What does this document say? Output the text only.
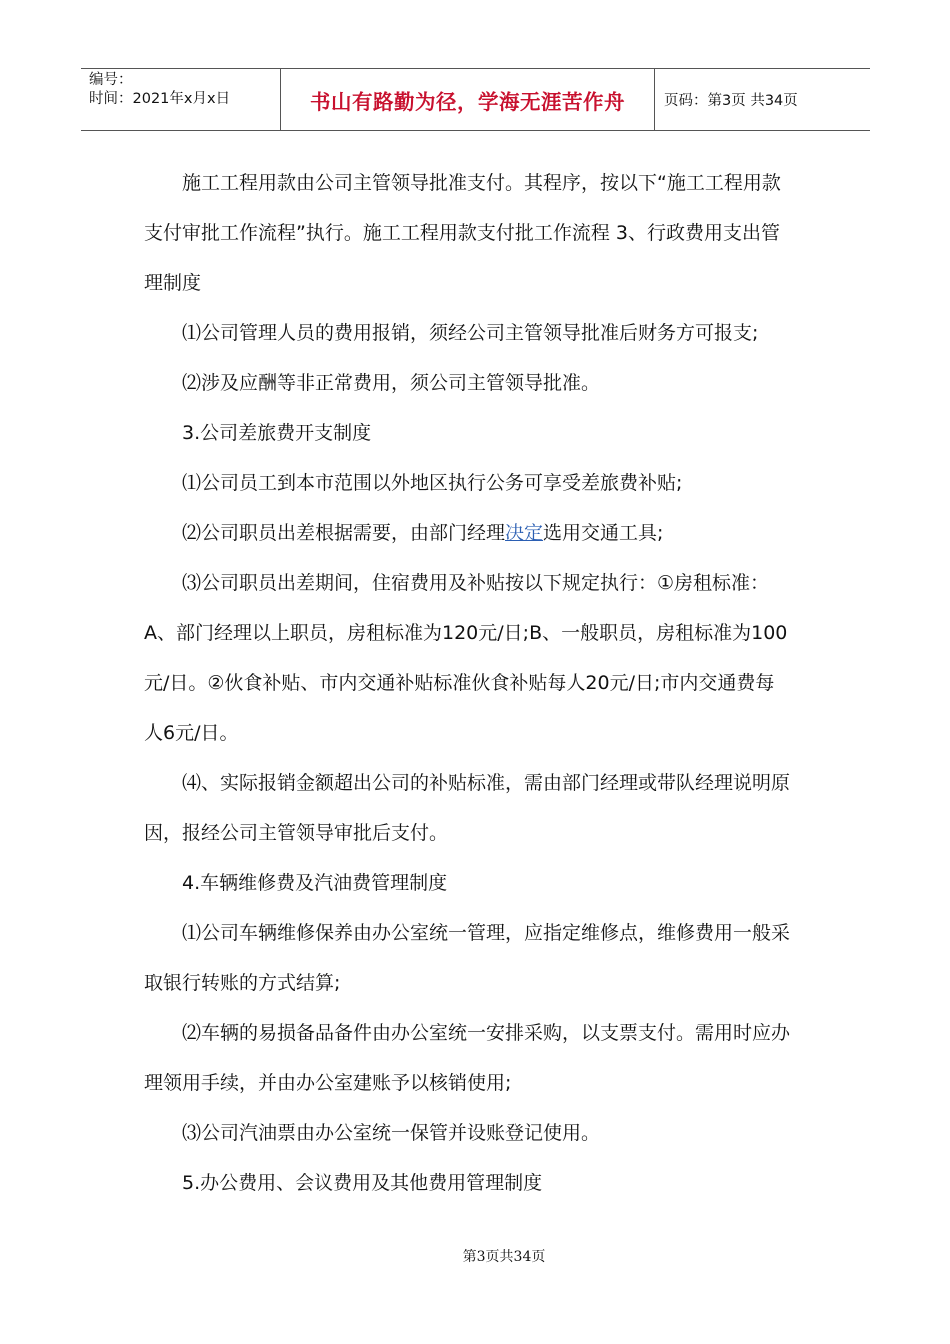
编号：
时间：2021年x月x日	书山有路勤为径，学海无涯苦作舟	页码：第3页 共34页

施工工程用款由公司主管领导批准支付。其程序，按以下“施工工程用款支付审批工作流程”执行。施工工程用款支付批工作流程 3、行政费用支出管理制度

⑴公司管理人员的费用报销，须经公司主管领导批准后财务方可报支;

⑵涉及应酬等非正常费用，须公司主管领导批准。

3.公司差旅费开支制度

⑴公司员工到本市范围以外地区执行公务可享受差旅费补贴;

⑵公司职员出差根据需要，由部门经理决定选用交通工具;

⑶公司职员出差期间，住宿费用及补贴按以下规定执行：①房租标准：A、部门经理以上职员，房租标准为120元/日;B、一般职员，房租标准为100元/日。②伙食补贴、市内交通补贴标准伙食补贴每人20元/日;市内交通费每人6元/日。

⑷、实际报销金额超出公司的补贴标准，需由部门经理或带队经理说明原因，报经公司主管领导审批后支付。

4.车辆维修费及汽油费管理制度

⑴公司车辆维修保养由办公室统一管理，应指定维修点，维修费用一般采取银行转账的方式结算;

⑵车辆的易损备品备件由办公室统一安排采购，以支票支付。需用时应办理领用手续，并由办公室建账予以核销使用;

⑶公司汽油票由办公室统一保管并设账登记使用。

5.办公费用、会议费用及其他费用管理制度

第3页共34页
